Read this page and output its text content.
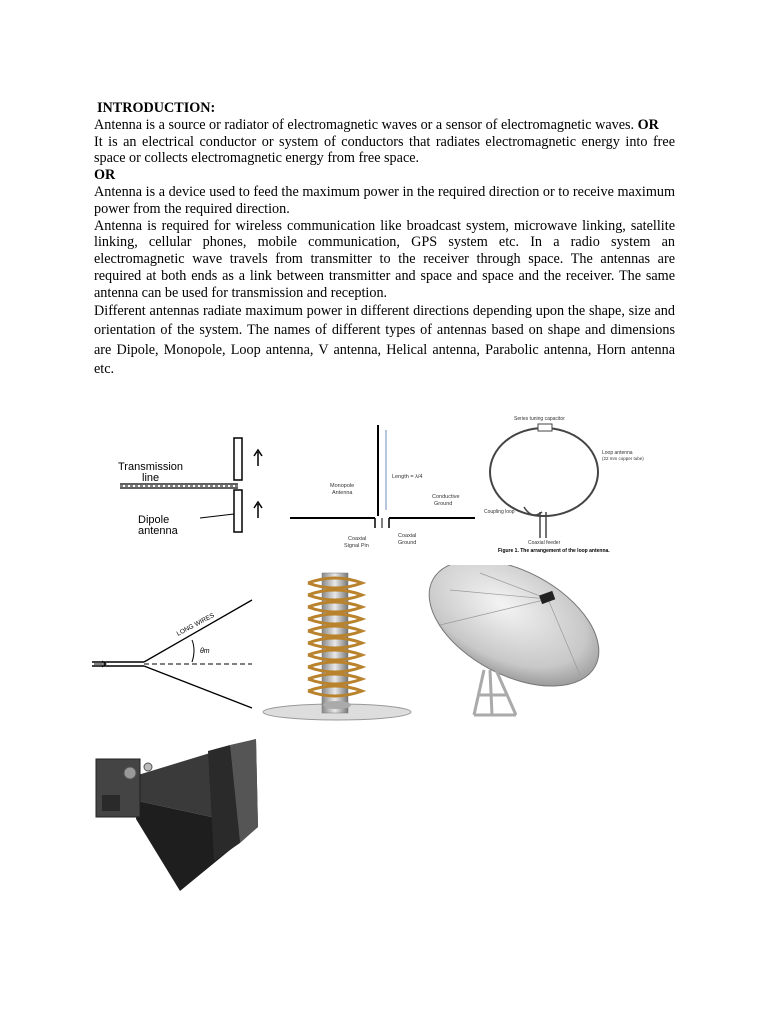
INTRODUCTION:

Antenna is a source or radiator of electromagnetic waves or a sensor of electromagnetic waves. OR

It is an electrical conductor or system of conductors that radiates electromagnetic energy into free space or collects electromagnetic energy from free space.

OR

Antenna is a device used to feed the maximum power in the required direction or to receive maximum power from the required direction.

Antenna is required for wireless communication like broadcast system, microwave linking, satellite linking, cellular phones, mobile communication, GPS system etc. In a radio system an electromagnetic wave travels from transmitter to the receiver through space. The antennas are required at both ends as a link between transmitter and space and space and the receiver. The same antenna can be used for transmission and reception.

Different antennas radiate maximum power in different directions depending upon the shape, size and orientation of the system. The names of different types of antennas based on shape and dimensions are Dipole, Monopole, Loop antenna, V antenna, Helical antenna, Parabolic antenna, Horn antenna etc.

Transmission
line
Dipole
antenna
Length = λ/4
Monopole
Antenna
Conductive
Ground
Coaxial
Ground
Coaxial
Signal Pin
Series tuning capacitor
Loop antenna
(22 mm copper tube)
Coupling loop
Coaxial feeder
Figure 1. The arrangement of the loop antenna.
LONG WIRES
θm
